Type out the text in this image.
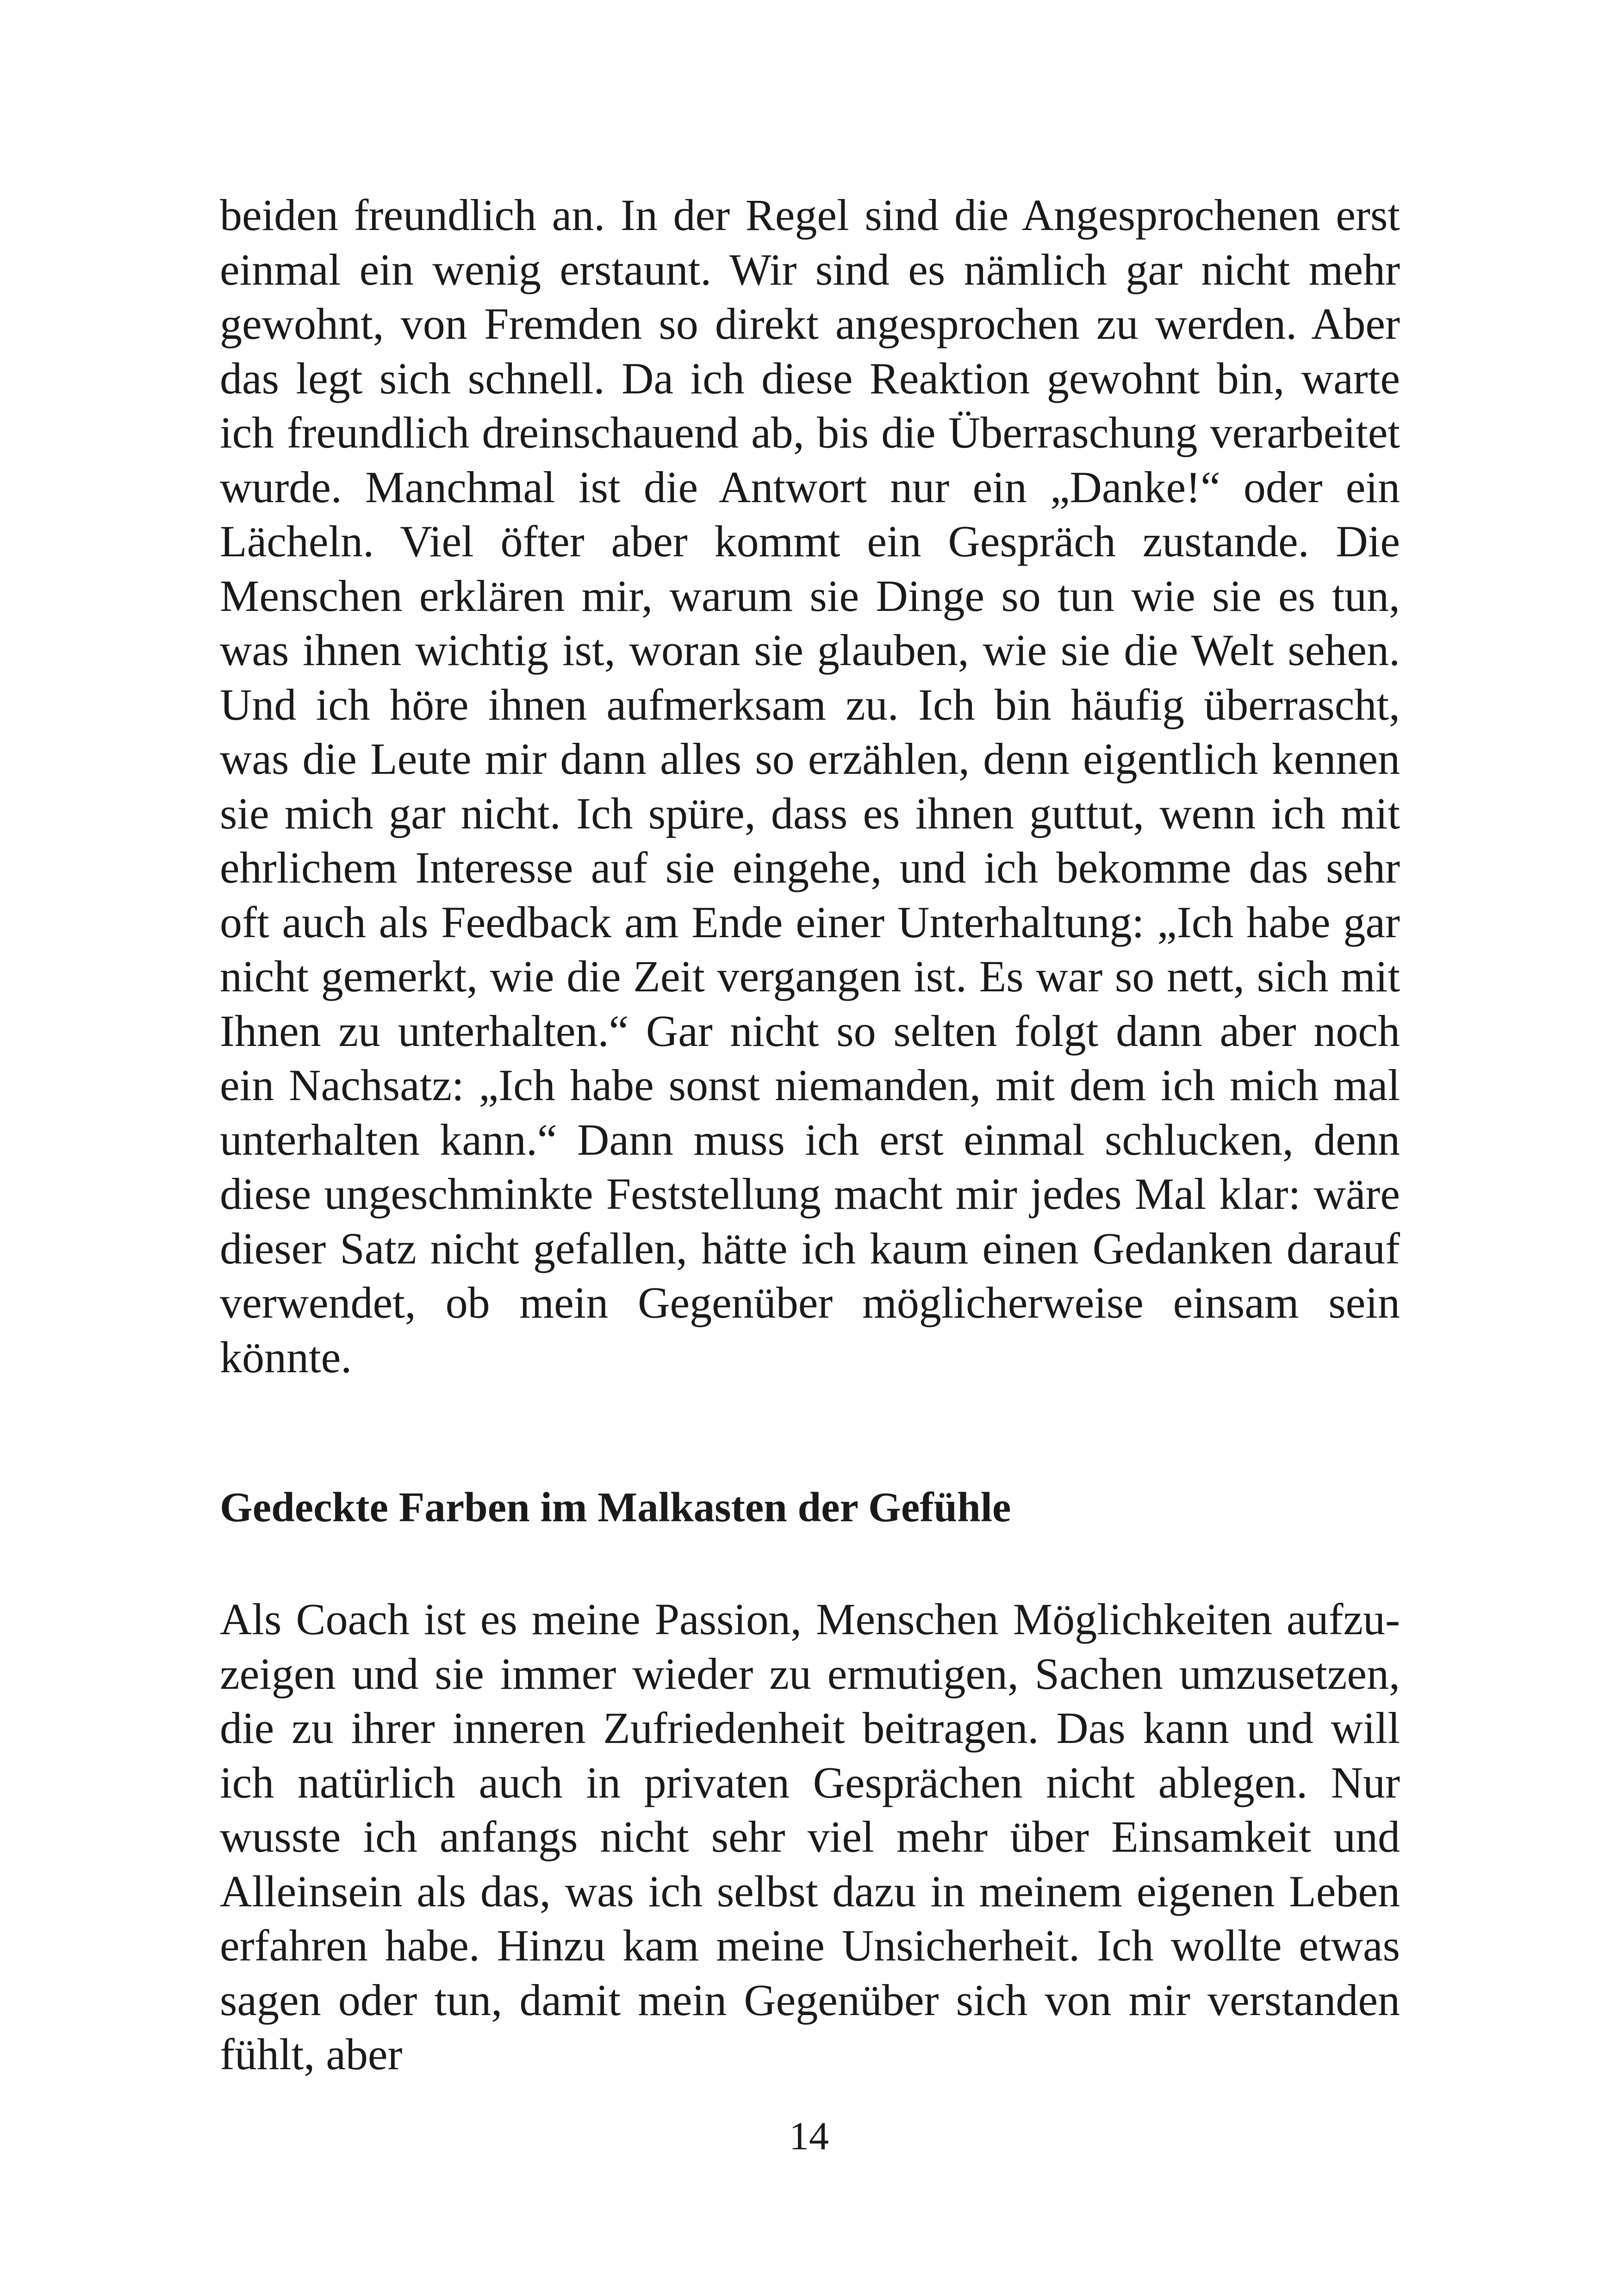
beiden freundlich an. In der Regel sind die Angesprochenen erst einmal ein wenig erstaunt. Wir sind es nämlich gar nicht mehr gewohnt, von Fremden so direkt angesprochen zu werden. Aber das legt sich schnell. Da ich diese Reaktion gewohnt bin, warte ich freundlich dreinschauend ab, bis die Überraschung verarbeitet wurde. Manchmal ist die Antwort nur ein „Danke!“ oder ein Lächeln. Viel öfter aber kommt ein Gespräch zustande. Die Menschen erklären mir, warum sie Dinge so tun wie sie es tun, was ihnen wichtig ist, woran sie glauben, wie sie die Welt sehen. Und ich höre ihnen aufmerksam zu. Ich bin häufig überrascht, was die Leute mir dann alles so erzählen, denn eigentlich kennen sie mich gar nicht. Ich spüre, dass es ihnen guttut, wenn ich mit ehrlichem Interesse auf sie eingehe, und ich bekomme das sehr oft auch als Feedback am Ende einer Unterhaltung: „Ich habe gar nicht gemerkt, wie die Zeit vergangen ist. Es war so nett, sich mit Ihnen zu unterhalten.“ Gar nicht so selten folgt dann aber noch ein Nachsatz: „Ich habe sonst niemanden, mit dem ich mich mal unterhalten kann.“ Dann muss ich erst einmal schlucken, denn diese ungeschminkte Feststellung macht mir jedes Mal klar: wäre dieser Satz nicht gefallen, hätte ich kaum einen Gedanken darauf verwendet, ob mein Gegenüber möglicherweise einsam sein könnte.

Gedeckte Farben im Malkasten der Gefühle

Als Coach ist es meine Passion, Menschen Möglichkeiten aufzuzeigen und sie immer wieder zu ermutigen, Sachen umzusetzen, die zu ihrer inneren Zufriedenheit beitragen. Das kann und will ich natürlich auch in privaten Gesprächen nicht ablegen. Nur wusste ich anfangs nicht sehr viel mehr über Einsamkeit und Alleinsein als das, was ich selbst dazu in meinem eigenen Leben erfahren habe. Hinzu kam meine Unsicherheit. Ich wollte etwas sagen oder tun, damit mein Gegenüber sich von mir verstanden fühlt, aber

14
